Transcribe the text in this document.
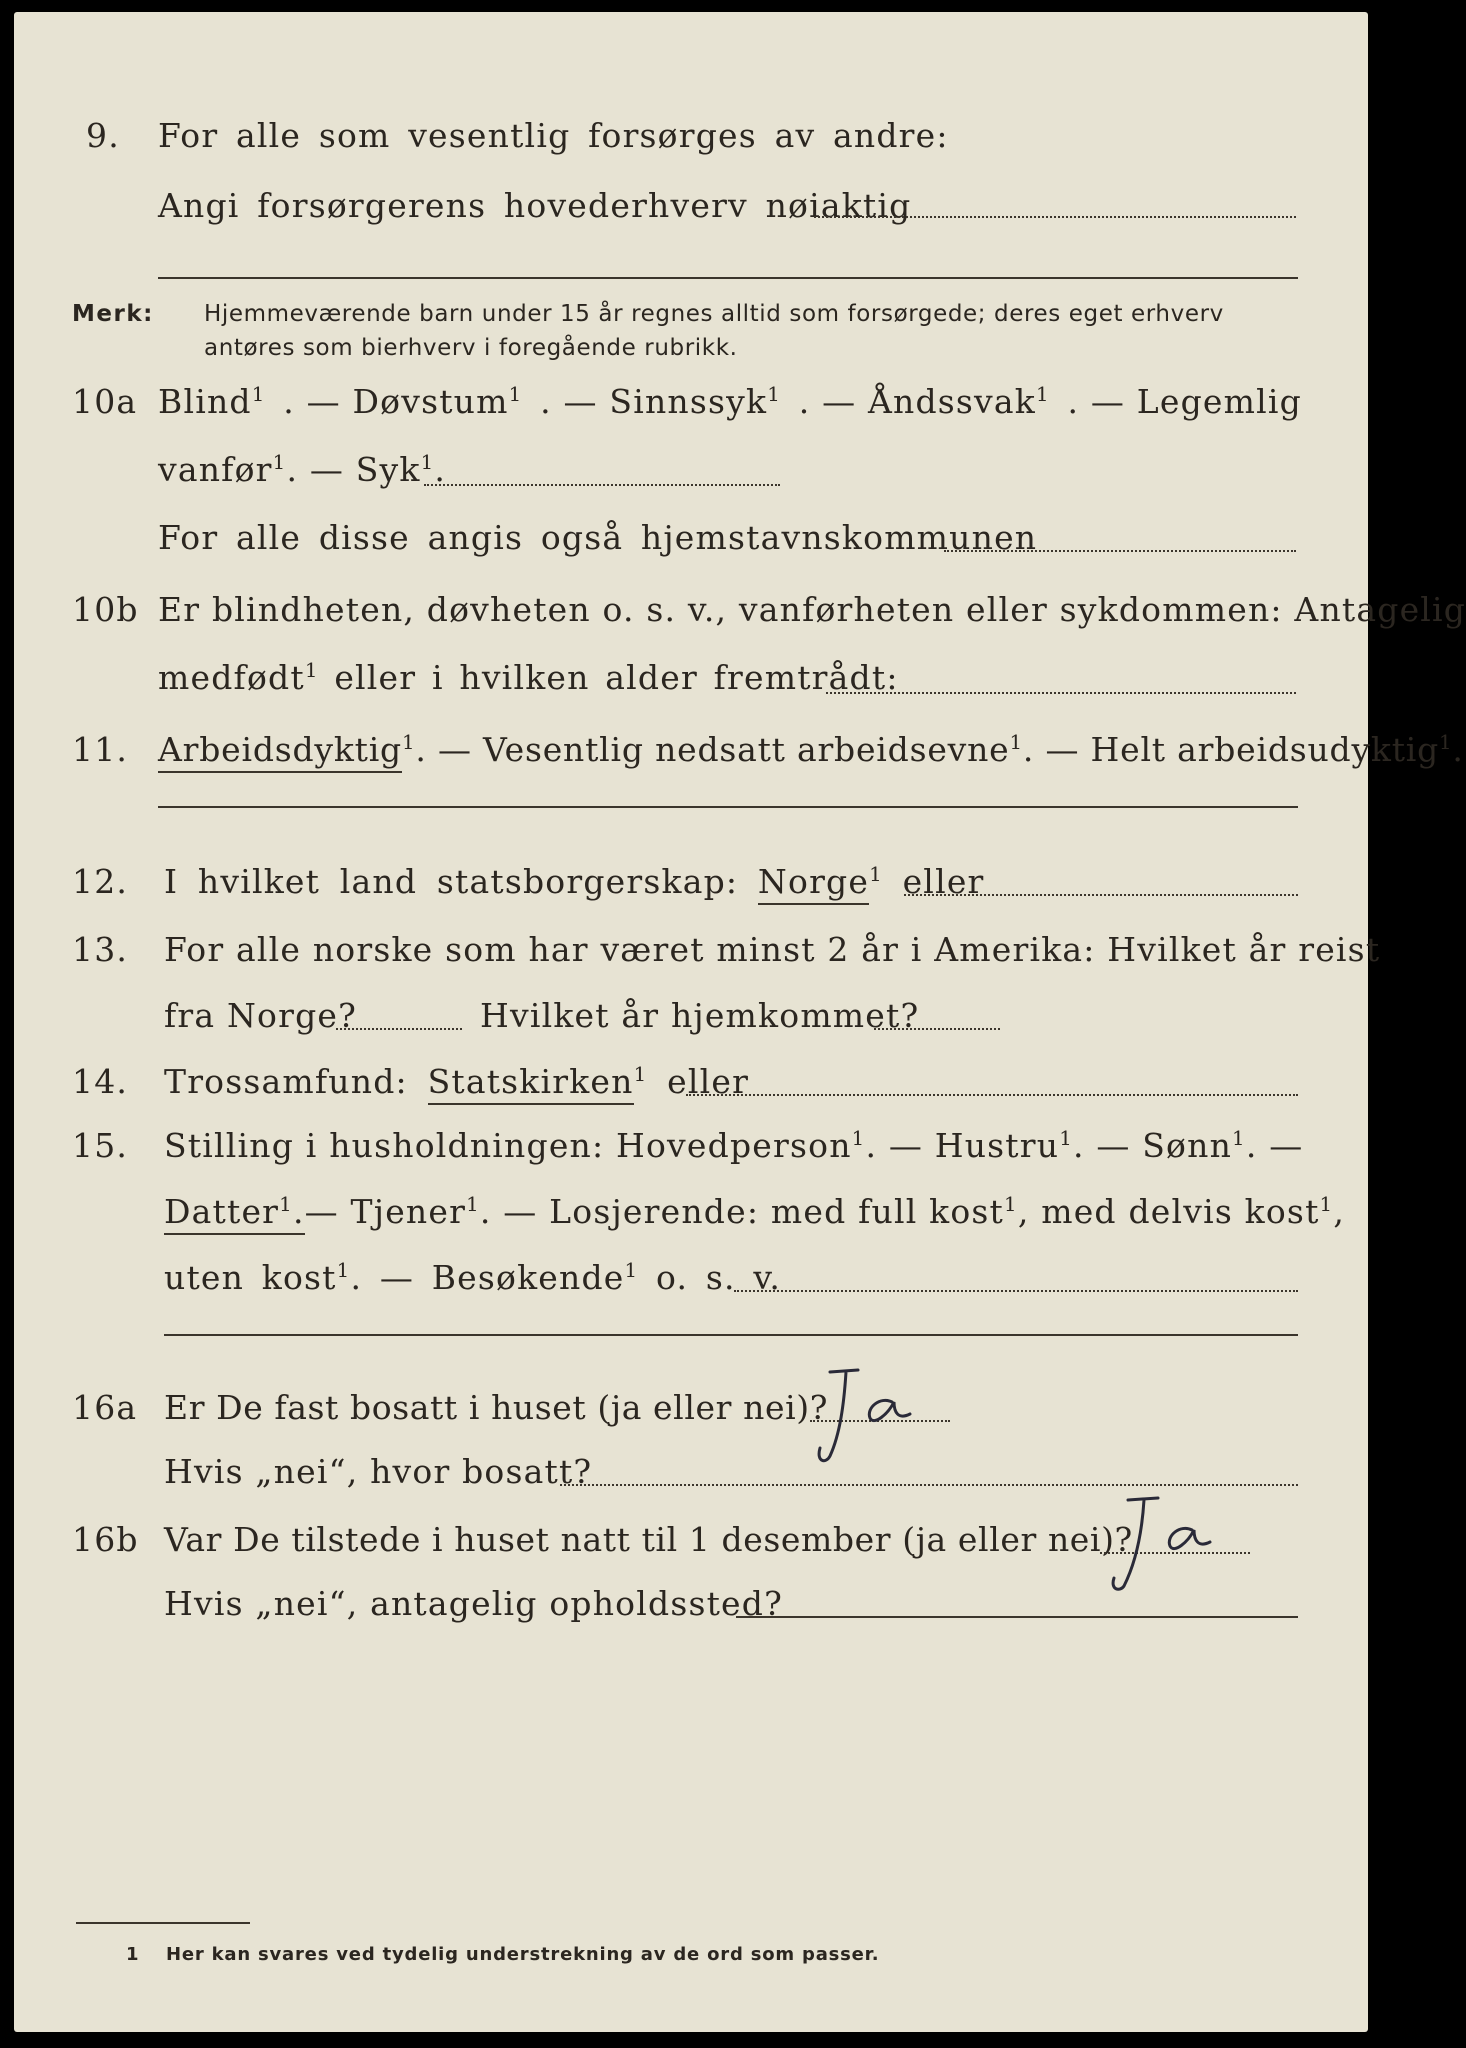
9. For alle som vesentlig forsørges av andre:
Angi forsørgerens hovederhverv nøiaktig
Merk: Hjemmeværende barn under 15 år regnes alltid som forsørgede; deres eget erhverv
antøres som bierhverv i foregående rubrikk.
10a Blind$^1$ . — Døvstum$^1$ . — Sinnssyk$^1$ . — Åndssvak$^1$ . — Legemlig
vanfør$^1$. — Syk$^1$.
For alle disse angis også hjemstavnskommunen
10b Er blindheten, døvheten o. s. v., vanførheten eller sykdommen: Antagelig
medfødt$^1$ eller i hvilken alder fremtrådt:
11. Arbeidsdyktig$^1$. — Vesentlig nedsatt arbeidsevne$^1$. — Helt arbeidsudyktig$^1$.
12. I hvilket land statsborgerskap: Norge$^1$ eller
13. For alle norske som har været minst 2 år i Amerika: Hvilket år reist
fra Norge?	Hvilket år hjemkommet?
14. Trossamfund: Statskirken$^1$ eller
15. Stilling i husholdningen: Hovedperson$^1$ . — Hustru$^1$ . — Sønn$^1$ . —
Datter$^1$. — Tjener$^1$ . — Losjerende: med full kost$^1$ , med delvis kost$^1$,
uten kost$^1$. — Besøkende$^1$ o. s. v.
16a Er De fast bosatt i huset (ja eller nei)?
Hvis „nei“, hvor bosatt?
16b Var De tilstede i huset natt til 1 desember (ja eller nei)?
Hvis „nei“, antagelig opholdssted?
1 Her kan svares ved tydelig understrekning av de ord som passer.
